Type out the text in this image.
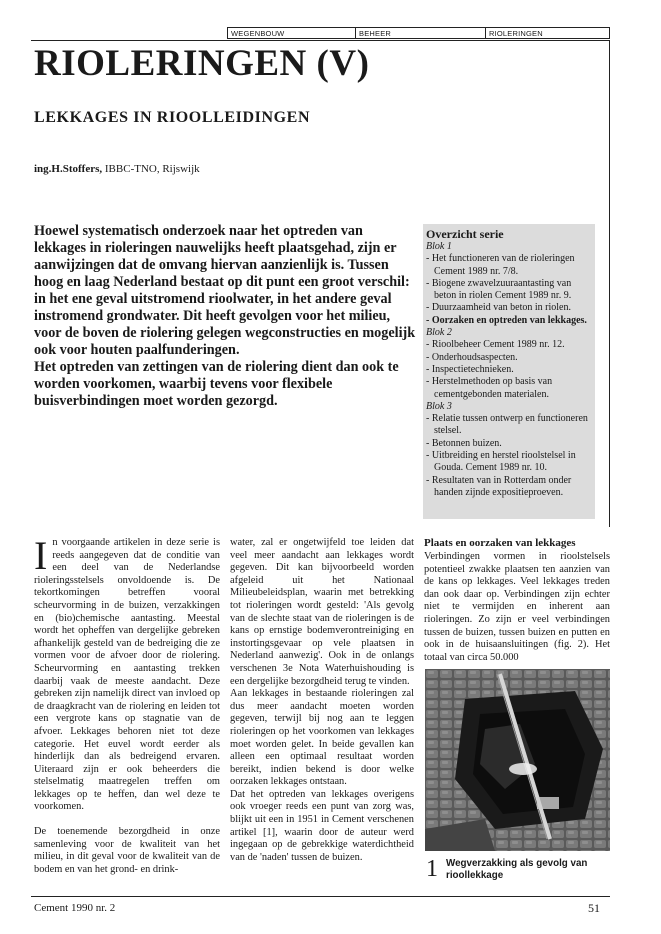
WEGENBOUW	BEHEER	RIOLERINGEN
RIOLERINGEN (V)
LEKKAGES IN RIOOLLEIDINGEN
ing.H.Stoffers, IBBC-TNO, Rijswijk

Hoewel systematisch onderzoek naar het optreden van lekkages in rioleringen nauwelijks heeft plaatsgehad, zijn er aanwijzingen dat de omvang hiervan aanzienlijk is. Tussen hoog en laag Nederland bestaat op dit punt een groot verschil: in het ene geval uitstromend rioolwater, in het andere geval instromend grondwater. Dit heeft gevolgen voor het milieu, voor de boven de riolering gelegen wegconstructies en mogelijk ook voor houten paalfunderingen.

Het optreden van zettingen van de riolering dient dan ook te worden voorkomen, waarbij tevens voor flexibele buisverbindingen moet worden gezorgd.

Overzicht serie
Blok 1
- Het functioneren van de rioleringen Cement 1989 nr. 7/8.
- Biogene zwavelzuuraantasting van beton in riolen Cement 1989 nr. 9.
- Duurzaamheid van beton in riolen.
- Oorzaken en optreden van lekkages.
Blok 2
- Rioolbeheer Cement 1989 nr. 12.
- Onderhoudsaspecten.
- Inspectietechnieken.
- Herstelmethoden op basis van cementgebonden materialen.
Blok 3
- Relatie tussen ontwerp en functioneren stelsel.
- Betonnen buizen.
- Uitbreiding en herstel rioolstelsel in Gouda. Cement 1989 nr. 10.
- Resultaten van in Rotterdam onder handen zijnde expositieproeven.

In voorgaande artikelen in deze serie is reeds aangegeven dat de conditie van een deel van de Nederlandse rioleringsstelsels onvoldoende is. De tekortkomingen betreffen vooral scheurvorming in de buizen, verzakkingen en (bio)chemische aantasting. Meestal wordt het opheffen van dergelijke gebreken afhankelijk gesteld van de bedreiging die ze vormen voor de afvoer door de riolering. Scheurvorming en aantasting trekken daarbij vaak de meeste aandacht. Deze gebreken zijn namelijk direct van invloed op de draagkracht van de riolering en leiden tot een vergrote kans op stagnatie van de afvoer. Lekkages behoren niet tot deze categorie. Het euvel wordt eerder als hinderlijk dan als bedreigend ervaren. Uiteraard zijn er ook beheerders die stelselmatig maatregelen treffen om lekkages op te heffen, dan wel deze te voorkomen.

De toenemende bezorgdheid in onze samenleving voor de kwaliteit van het milieu, in dit geval voor de kwaliteit van de bodem en van het grond- en drink-

water, zal er ongetwijfeld toe leiden dat veel meer aandacht aan lekkages wordt gegeven. Dit kan bijvoorbeeld worden afgeleid uit het Nationaal Milieubeleidsplan, waarin met betrekking tot rioleringen wordt gesteld: 'Als gevolg van de slechte staat van de rioleringen is de kans op ernstige bodemverontreiniging en instortingsgevaar op vele plaatsen in Nederland aanwezig'. Ook in de onlangs verschenen 3e Nota Waterhuishouding is een dergelijke bezorgdheid terug te vinden.

Aan lekkages in bestaande rioleringen zal dus meer aandacht moeten worden gegeven, terwijl bij nog aan te leggen rioleringen op het voorkomen van lekkages moet worden gelet. In beide gevallen kan alleen een optimaal resultaat worden bereikt, indien bekend is door welke oorzaken lekkages ontstaan.

Dat het optreden van lekkages overigens ook vroeger reeds een punt van zorg was, blijkt uit een in 1951 in Cement verschenen artikel [1], waarin door de auteur werd ingegaan op de gebrekkige waterdichtheid van de 'naden' tussen de buizen.

Plaats en oorzaken van lekkages

Verbindingen vormen in rioolstelsels potentieel zwakke plaatsen ten aanzien van de kans op lekkages. Veel lekkages treden dan ook daar op. Verbindingen zijn echter niet te vermijden en inherent aan rioleringen. Zo zijn er veel verbindingen tussen de buizen, tussen buizen en putten en ook in de huisaansluitingen (fig. 2). Het totaal van circa 50.000

1 Wegverzakking als gevolg van rioollekkage
Cement 1990 nr. 2	51
